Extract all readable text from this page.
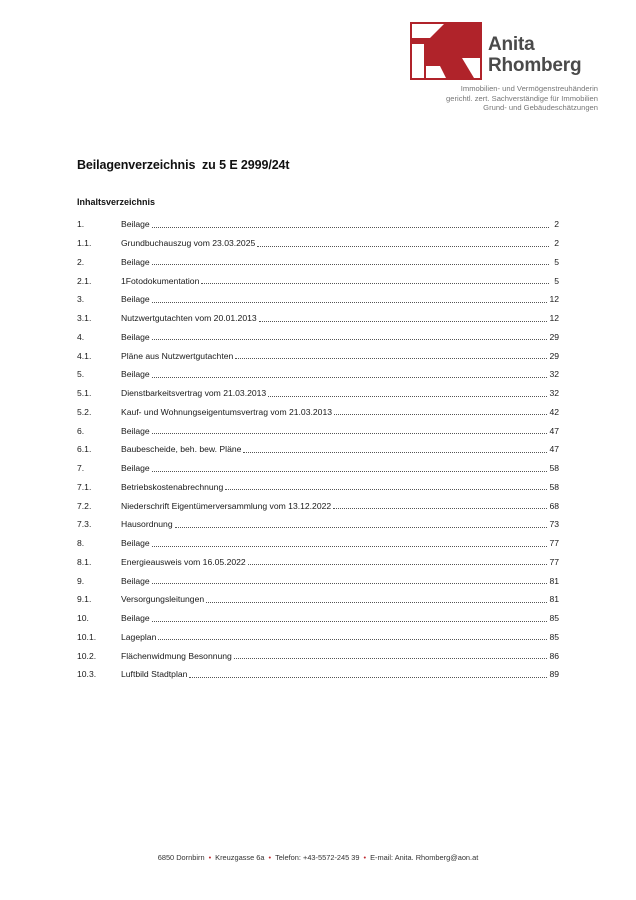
Anita
Rhomberg
Immobilien- und Vermögenstreuhänderin
gerichtl. zert. Sachverständige für Immobilien
Grund- und Gebäudeschätzungen
Beilagenverzeichnis  zu 5 E 2999/24t
Inhaltsverzeichnis
1.	Beilage	2
1.1.	Grundbuchauszug vom 23.03.2025	2
2.	Beilage	5
2.1.	1Fotodokumentation	5
3.	Beilage	12
3.1.	Nutzwertgutachten vom 20.01.2013	12
4.	Beilage	29
4.1.	Pläne aus Nutzwertgutachten	29
5.	Beilage	32
5.1.	Dienstbarkeitsvertrag vom 21.03.2013	32
5.2.	Kauf- und Wohnungseigentumsvertrag vom 21.03.2013	42
6.	Beilage	47
6.1.	Baubescheide, beh. bew. Pläne	47
7.	Beilage	58
7.1.	Betriebskostenabrechnung	58
7.2.	Niederschrift Eigentümerversammlung vom 13.12.2022	68
7.3.	Hausordnung	73
8.	Beilage	77
8.1.	Energieausweis vom 16.05.2022	77
9.	Beilage	81
9.1.	Versorgungsleitungen	81
10.	Beilage	85
10.1.	Lageplan	85
10.2.	Flächenwidmung Besonnung	86
10.3.	Luftbild Stadtplan	89
6850 Dornbirn • Kreuzgasse 6a • Telefon: +43-5572-245 39 • E-mail: Anita. Rhomberg@aon.at
